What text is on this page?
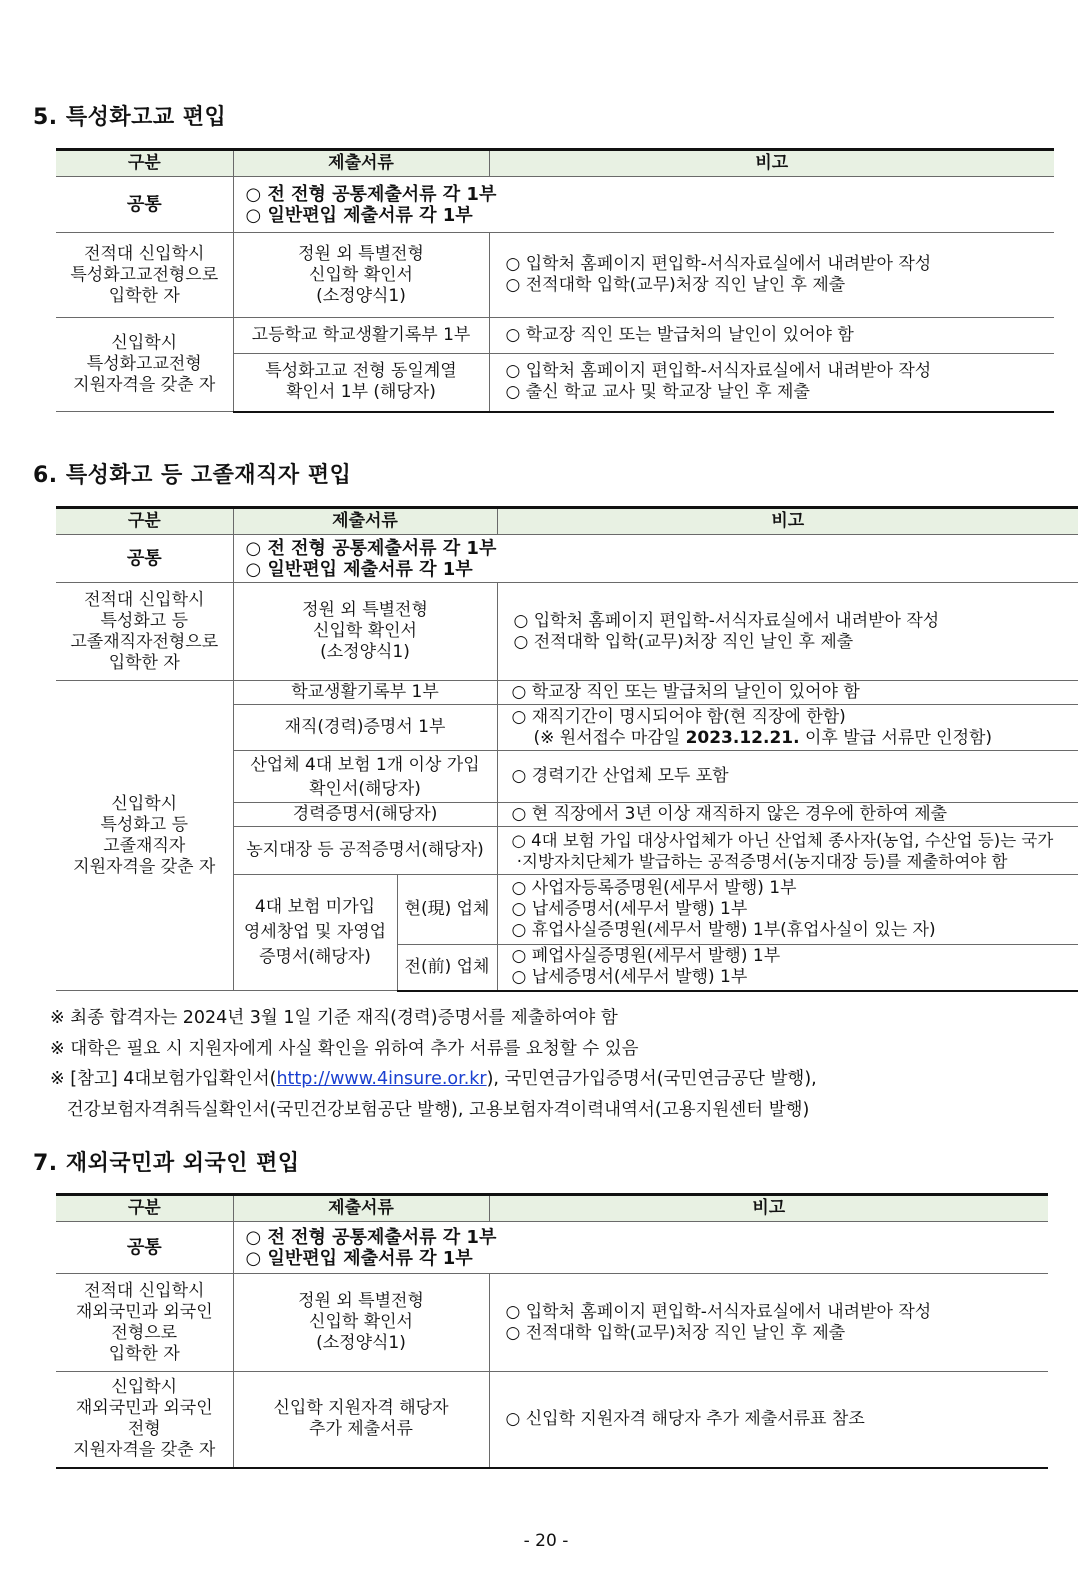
5. 특성화고교 편입
구분	제출서류	비고
공통	○ 전 전형 공통제출서류 각 1부
○ 일반편입 제출서류 각 1부	

전적대 신입학시
특성화고교전형으로
입학한 자	정원 외 특별전형
신입학 확인서
(소정양식1)	○ 입학처 홈페이지 편입학-서식자료실에서 내려받아 작성
○ 전적대학 입학(교무)처장 직인 날인 후 제출
신입학시
특성화고교전형
지원자격을 갖춘 자	고등학교 학교생활기록부 1부	○ 학교장 직인 또는 발급처의 날인이 있어야 함
	특성화고교 전형 동일계열
확인서 1부 (해당자)	○ 입학처 홈페이지 편입학-서식자료실에서 내려받아 작성
○ 출신 학교 교사 및 학교장 날인 후 제출
6. 특성화고 등 고졸재직자 편입
구분	제출서류		비고
공통	○ 전 전형 공통제출서류 각 1부
○ 일반편입 제출서류 각 1부		

전적대 신입학시
특성화고 등
고졸재직자전형으로
입학한 자	정원 외 특별전형
신입학 확인서
(소정양식1)		○ 입학처 홈페이지 편입학-서식자료실에서 내려받아 작성
○ 전적대학 입학(교무)처장 직인 날인 후 제출
신입학시
특성화고 등
고졸재직자
지원자격을 갖춘 자	학교생활기록부 1부		○ 학교장 직인 또는 발급처의 날인이 있어야 함
	재직(경력)증명서 1부		○ 재직기간이 명시되어야 함(현 직장에 한함)
(※ 원서접수 마감일 2023.12.21. 이후 발급 서류만 인정함)

	산업체 4대 보험 1개 이상 가입
확인서(해당자)		○ 경력기간 산업체 모두 포함
	경력증명서(해당자)		○ 현 직장에서 3년 이상 재직하지 않은 경우에 한하여 제출
	농지대장 등 공적증명서(해당자)		○ 4대 보험 가입 대상사업체가 아닌 산업체 종사자(농업, 수산업 등)는 국가
·지방자치단체가 발급하는 공적증명서(농지대장 등)를 제출하여야 함
	4대 보험 미가입
영세창업 및 자영업
증명서(해당자)	현(現) 업체	○ 사업자등록증명원(세무서 발행) 1부
○ 납세증명서(세무서 발행) 1부
○ 휴업사실증명원(세무서 발행) 1부(휴업사실이 있는 자)
		전(前) 업체	○ 폐업사실증명원(세무서 발행) 1부
○ 납세증명서(세무서 발행) 1부
※ 최종 합격자는 2024년 3월 1일 기준 재직(경력)증명서를 제출하여야 함
※ 대학은 필요 시 지원자에게 사실 확인을 위하여 추가 서류를 요청할 수 있음
※ [참고] 4대보험가입확인서(http://www.4insure.or.kr), 국민연금가입증명서(국민연금공단 발행),
건강보험자격취득실확인서(국민건강보험공단 발행), 고용보험자격이력내역서(고용지원센터 발행)
7. 재외국민과 외국인 편입
구분	제출서류	비고
공통	○ 전 전형 공통제출서류 각 1부
○ 일반편입 제출서류 각 1부	

전적대 신입학시
재외국민과 외국인
전형으로
입학한 자	정원 외 특별전형
신입학 확인서
(소정양식1)	○ 입학처 홈페이지 편입학-서식자료실에서 내려받아 작성
○ 전적대학 입학(교무)처장 직인 날인 후 제출
신입학시
재외국민과 외국인
전형
지원자격을 갖춘 자	신입학 지원자격 해당자
추가 제출서류	○ 신입학 지원자격 해당자 추가 제출서류표 참조
- 20 -
